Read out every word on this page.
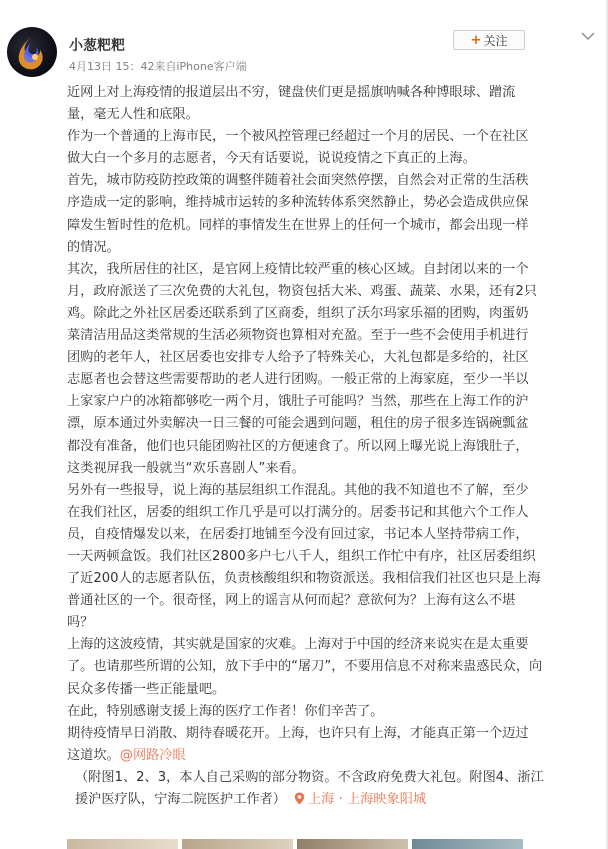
小葱粑粑
4月13日 15：42来自iPhone客户端
+ 关注
近网上对上海疫情的报道层出不穷，键盘侠们更是摇旗呐喊各种博眼球、蹭流
量，毫无人性和底限。
作为一个普通的上海市民，一个被风控管理已经超过一个月的居民、一个在社区
做大白一个多月的志愿者，今天有话要说，说说疫情之下真正的上海。
首先，城市防疫防控政策的调整伴随着社会面突然停摆，自然会对正常的生活秩
序造成一定的影响，维持城市运转的多种流转体系突然静止，势必会造成供应保
障发生暂时性的危机。同样的事情发生在世界上的任何一个城市，都会出现一样
的情况。
其次，我所居住的社区，是官网上疫情比较严重的核心区域。自封闭以来的一个
月，政府派送了三次免费的大礼包，物资包括大米、鸡蛋、蔬菜、水果，还有2只
鸡。除此之外社区居委还联系到了区商委，组织了沃尔玛家乐福的团购，肉蛋奶
菜清洁用品这类常规的生活必须物资也算相对充盈。至于一些不会使用手机进行
团购的老年人，社区居委也安排专人给予了特殊关心，大礼包都是多给的，社区
志愿者也会替这些需要帮助的老人进行团购。一般正常的上海家庭，至少一半以
上家家户户的冰箱都够吃一两个月，饿肚子可能吗？当然，那些在上海工作的沪
漂，原本通过外卖解决一日三餐的可能会遇到问题，租住的房子很多连锅碗瓢盆
都没有准备，他们也只能团购社区的方便速食了。所以网上曝光说上海饿肚子，
这类视屏我一般就当“欢乐喜剧人”来看。
另外有一些报导，说上海的基层组织工作混乱。其他的我不知道也不了解，至少
在我们社区，居委的组织工作几乎是可以打满分的。居委书记和其他六个工作人
员，自疫情爆发以来，在居委打地铺至今没有回过家，书记本人坚持带病工作，
一天两顿盒饭。我们社区2800多户七八千人，组织工作忙中有序，社区居委组织
了近200人的志愿者队伍，负责核酸组织和物资派送。我相信我们社区也只是上海
普通社区的一个。很奇怪，网上的谣言从何而起？意欲何为？上海有这么不堪
吗？
上海的这波疫情，其实就是国家的灾难。上海对于中国的经济来说实在是太重要
了。也请那些所谓的公知，放下手中的“屠刀”，不要用信息不对称来蛊惑民众，向
民众多传播一些正能量吧。
在此，特别感谢支援上海的医疗工作者！你们辛苦了。
期待疫情早日消散、期待春暖花开。上海，也许只有上海，才能真正第一个迈过
这道坎。@网路冷眼
（附图1、2、3，本人自己采购的部分物资。不含政府免费大礼包。附图4、浙江
援沪医疗队，宁海二院医护工作者） 上海 · 上海映象阳城
